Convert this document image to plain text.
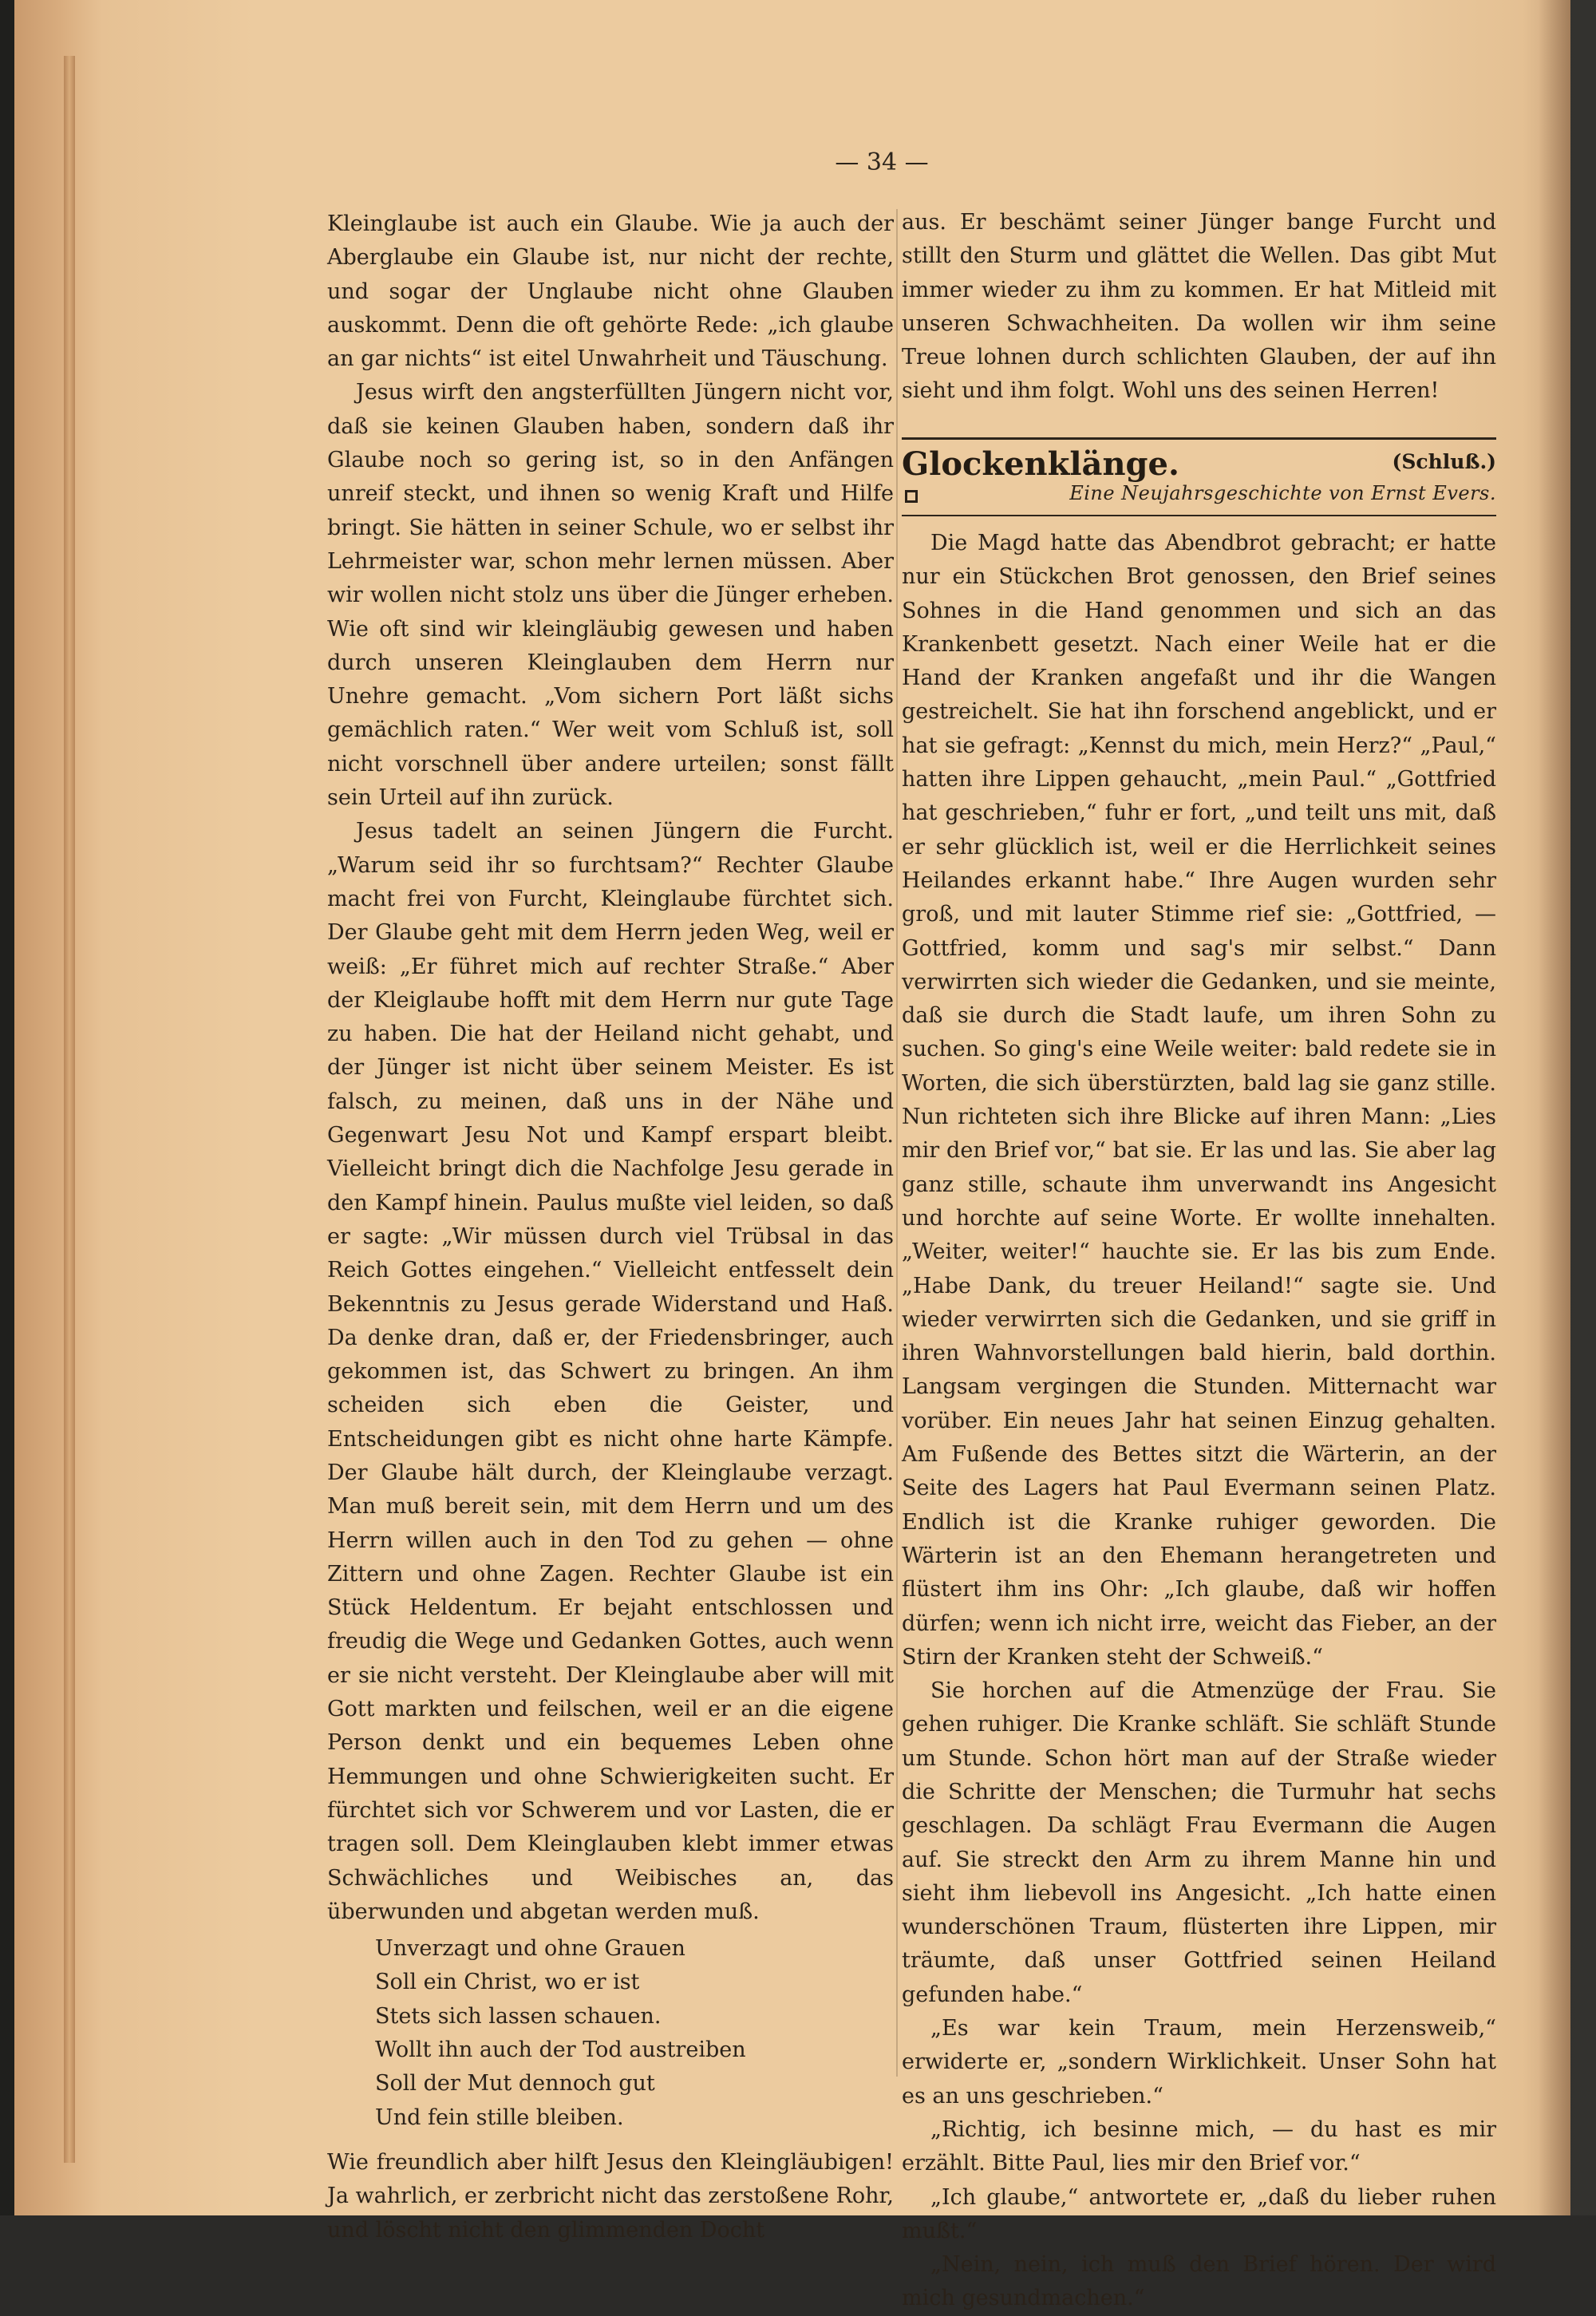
— 34 —

Kleinglaube ist auch ein Glaube. Wie ja auch der Aberglaube ein Glaube ist, nur nicht der rechte, und sogar der Unglaube nicht ohne Glauben auskommt. Denn die oft gehörte Rede: „ich glaube an gar nichts“ ist eitel Unwahrheit und Täuschung.

Jesus wirft den angsterfüllten Jüngern nicht vor, daß sie keinen Glauben haben, sondern daß ihr Glaube noch so gering ist, so in den Anfängen unreif steckt, und ihnen so wenig Kraft und Hilfe bringt. Sie hätten in seiner Schule, wo er selbst ihr Lehrmeister war, schon mehr lernen müssen. Aber wir wollen nicht stolz uns über die Jünger erheben. Wie oft sind wir kleingläubig gewesen und haben durch unseren Kleinglauben dem Herrn nur Unehre gemacht. „Vom sichern Port läßt sichs gemächlich raten.“ Wer weit vom Schluß ist, soll nicht vorschnell über andere urteilen; sonst fällt sein Urteil auf ihn zurück.

Jesus tadelt an seinen Jüngern die Furcht. „Warum seid ihr so furchtsam?“ Rechter Glaube macht frei von Furcht, Kleinglaube fürchtet sich. Der Glaube geht mit dem Herrn jeden Weg, weil er weiß: „Er führet mich auf rechter Straße.“ Aber der Kleiglaube hofft mit dem Herrn nur gute Tage zu haben. Die hat der Heiland nicht gehabt, und der Jünger ist nicht über seinem Meister. Es ist falsch, zu meinen, daß uns in der Nähe und Gegenwart Jesu Not und Kampf erspart bleibt. Vielleicht bringt dich die Nachfolge Jesu gerade in den Kampf hinein. Paulus mußte viel leiden, so daß er sagte: „Wir müssen durch viel Trübsal in das Reich Gottes eingehen.“ Vielleicht entfesselt dein Bekenntnis zu Jesus gerade Widerstand und Haß. Da denke dran, daß er, der Friedensbringer, auch gekommen ist, das Schwert zu bringen. An ihm scheiden sich eben die Geister, und Entscheidungen gibt es nicht ohne harte Kämpfe. Der Glaube hält durch, der Kleinglaube verzagt. Man muß bereit sein, mit dem Herrn und um des Herrn willen auch in den Tod zu gehen — ohne Zittern und ohne Zagen. Rechter Glaube ist ein Stück Heldentum. Er bejaht entschlossen und freudig die Wege und Gedanken Gottes, auch wenn er sie nicht versteht. Der Kleinglaube aber will mit Gott markten und feilschen, weil er an die eigene Person denkt und ein bequemes Leben ohne Hemmungen und ohne Schwierigkeiten sucht. Er fürchtet sich vor Schwerem und vor Lasten, die er tragen soll. Dem Kleinglauben klebt immer etwas Schwächliches und Weibisches an, das überwunden und abgetan werden muß.

Unverzagt und ohne Grauen
Soll ein Christ, wo er ist
Stets sich lassen schauen.
Wollt ihn auch der Tod austreiben
Soll der Mut dennoch gut
Und fein stille bleiben.

Wie freundlich aber hilft Jesus den Kleingläubigen! Ja wahrlich, er zerbricht nicht das zerstoßene Rohr, und löscht nicht den glimmenden Docht

aus. Er beschämt seiner Jünger bange Furcht und stillt den Sturm und glättet die Wellen. Das gibt Mut immer wieder zu ihm zu kommen. Er hat Mitleid mit unseren Schwachheiten. Da wollen wir ihm seine Treue lohnen durch schlichten Glauben, der auf ihn sieht und ihm folgt. Wohl uns des seinen Herren!

Glockenklänge.	(Schluß.)
Eine Neujahrsgeschichte von Ernst Evers.

Die Magd hatte das Abendbrot gebracht; er hatte nur ein Stückchen Brot genossen, den Brief seines Sohnes in die Hand genommen und sich an das Krankenbett gesetzt. Nach einer Weile hat er die Hand der Kranken angefaßt und ihr die Wangen gestreichelt. Sie hat ihn forschend angeblickt, und er hat sie gefragt: „Kennst du mich, mein Herz?“ „Paul,“ hatten ihre Lippen gehaucht, „mein Paul.“ „Gottfried hat geschrieben,“ fuhr er fort, „und teilt uns mit, daß er sehr glücklich ist, weil er die Herrlichkeit seines Heilandes erkannt habe.“ Ihre Augen wurden sehr groß, und mit lauter Stimme rief sie: „Gottfried, — Gottfried, komm und sag's mir selbst.“ Dann verwirrten sich wieder die Gedanken, und sie meinte, daß sie durch die Stadt laufe, um ihren Sohn zu suchen. So ging's eine Weile weiter: bald redete sie in Worten, die sich überstürzten, bald lag sie ganz stille. Nun richteten sich ihre Blicke auf ihren Mann: „Lies mir den Brief vor,“ bat sie. Er las und las. Sie aber lag ganz stille, schaute ihm unverwandt ins Angesicht und horchte auf seine Worte. Er wollte innehalten. „Weiter, weiter!“ hauchte sie. Er las bis zum Ende. „Habe Dank, du treuer Heiland!“ sagte sie. Und wieder verwirrten sich die Gedanken, und sie griff in ihren Wahnvorstellungen bald hierin, bald dorthin. Langsam vergingen die Stunden. Mitternacht war vorüber. Ein neues Jahr hat seinen Einzug gehalten. Am Fußende des Bettes sitzt die Wärterin, an der Seite des Lagers hat Paul Evermann seinen Platz. Endlich ist die Kranke ruhiger geworden. Die Wärterin ist an den Ehemann herangetreten und flüstert ihm ins Ohr: „Ich glaube, daß wir hoffen dürfen; wenn ich nicht irre, weicht das Fieber, an der Stirn der Kranken steht der Schweiß.“

Sie horchen auf die Atmenzüge der Frau. Sie gehen ruhiger. Die Kranke schläft. Sie schläft Stunde um Stunde. Schon hört man auf der Straße wieder die Schritte der Menschen; die Turmuhr hat sechs geschlagen. Da schlägt Frau Evermann die Augen auf. Sie streckt den Arm zu ihrem Manne hin und sieht ihm liebevoll ins Angesicht. „Ich hatte einen wunderschönen Traum, flüsterten ihre Lippen, mir träumte, daß unser Gottfried seinen Heiland gefunden habe.“

„Es war kein Traum, mein Herzensweib,“ erwiderte er, „sondern Wirklichkeit. Unser Sohn hat es an uns geschrieben.“

„Richtig, ich besinne mich, — du hast es mir erzählt. Bitte Paul, lies mir den Brief vor.“

„Ich glaube,“ antwortete er, „daß du lieber ruhen mußt.“

„Nein, nein, ich muß den Brief hören. Der wird mich gesundmachen.“
